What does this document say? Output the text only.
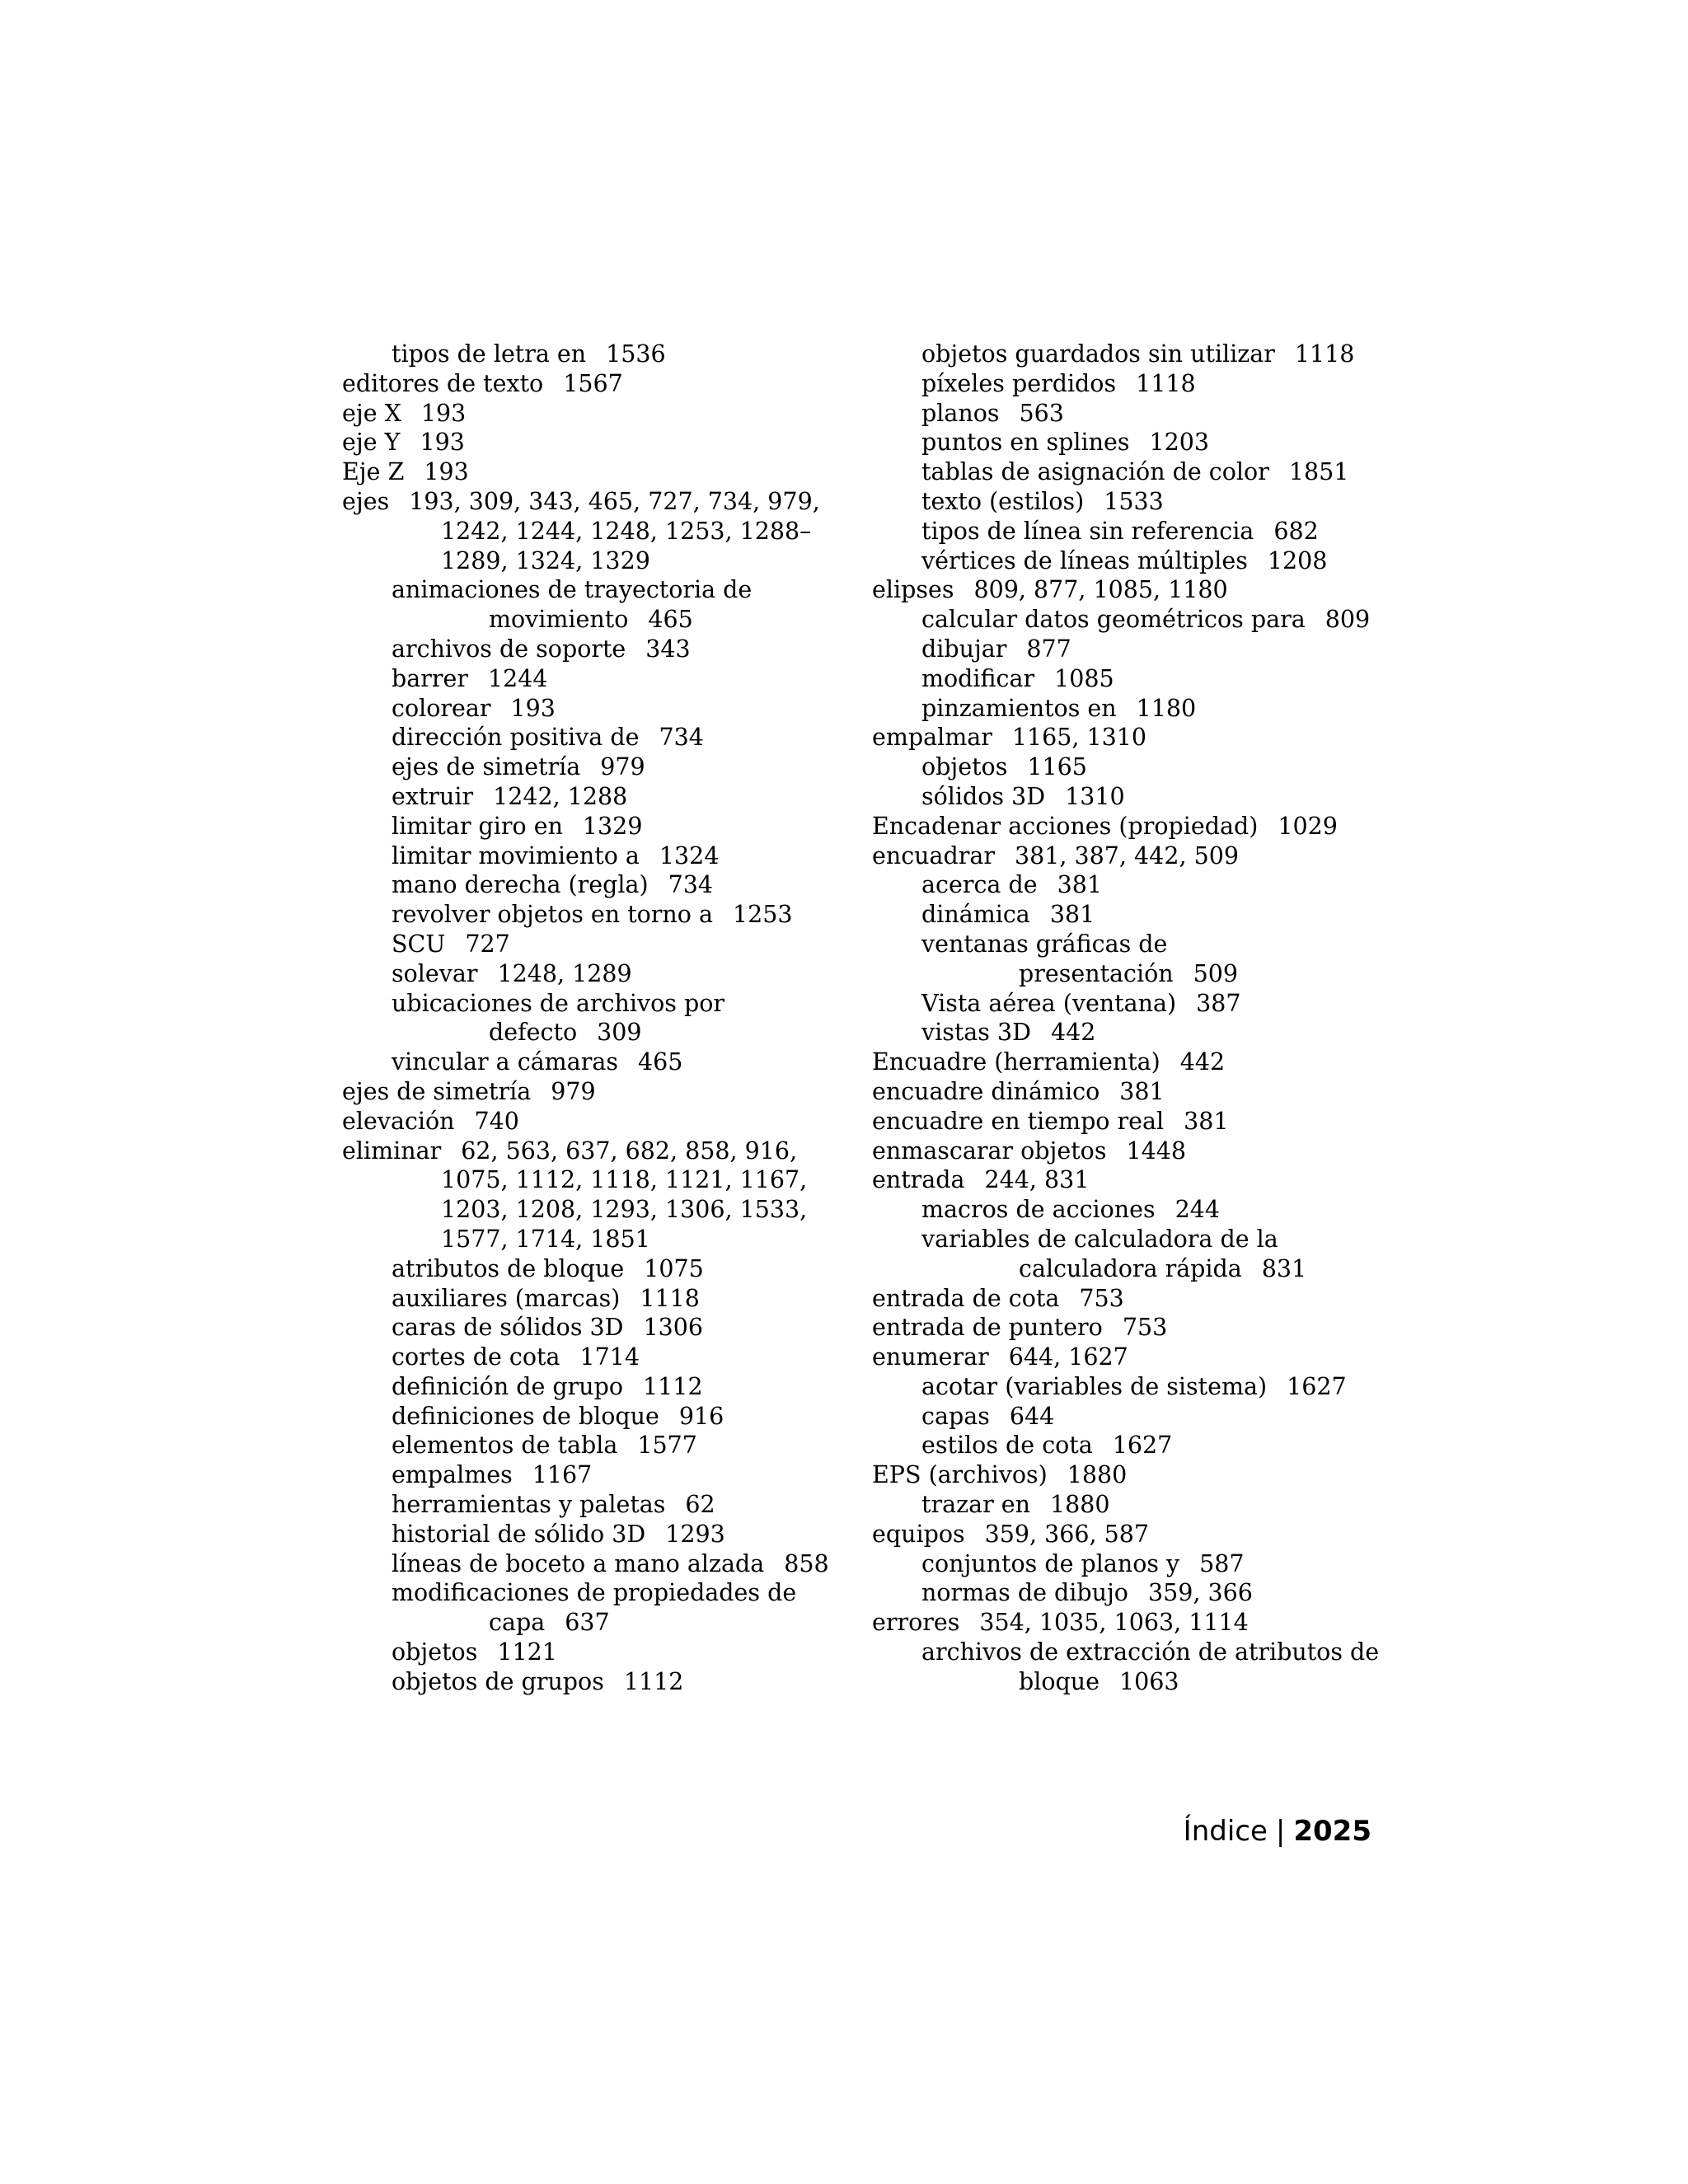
tipos de letra en 1536
editores de texto 1567
eje X 193
eje Y 193
Eje Z 193
ejes 193, 309, 343, 465, 727, 734, 979,
1242, 1244, 1248, 1253, 1288–
1289, 1324, 1329
animaciones de trayectoria de
movimiento 465
archivos de soporte 343
barrer 1244
colorear 193
dirección positiva de 734
ejes de simetría 979
extruir 1242, 1288
limitar giro en 1329
limitar movimiento a 1324
mano derecha (regla) 734
revolver objetos en torno a 1253
SCU 727
solevar 1248, 1289
ubicaciones de archivos por
defecto 309
vincular a cámaras 465
ejes de simetría 979
elevación 740
eliminar 62, 563, 637, 682, 858, 916,
1075, 1112, 1118, 1121, 1167,
1203, 1208, 1293, 1306, 1533,
1577, 1714, 1851
atributos de bloque 1075
auxiliares (marcas) 1118
caras de sólidos 3D 1306
cortes de cota 1714
definición de grupo 1112
definiciones de bloque 916
elementos de tabla 1577
empalmes 1167
herramientas y paletas 62
historial de sólido 3D 1293
líneas de boceto a mano alzada 858
modificaciones de propiedades de
capa 637
objetos 1121
objetos de grupos 1112
objetos guardados sin utilizar 1118
píxeles perdidos 1118
planos 563
puntos en splines 1203
tablas de asignación de color 1851
texto (estilos) 1533
tipos de línea sin referencia 682
vértices de líneas múltiples 1208
elipses 809, 877, 1085, 1180
calcular datos geométricos para 809
dibujar 877
modificar 1085
pinzamientos en 1180
empalmar 1165, 1310
objetos 1165
sólidos 3D 1310
Encadenar acciones (propiedad) 1029
encuadrar 381, 387, 442, 509
acerca de 381
dinámica 381
ventanas gráficas de
presentación 509
Vista aérea (ventana) 387
vistas 3D 442
Encuadre (herramienta) 442
encuadre dinámico 381
encuadre en tiempo real 381
enmascarar objetos 1448
entrada 244, 831
macros de acciones 244
variables de calculadora de la
calculadora rápida 831
entrada de cota 753
entrada de puntero 753
enumerar 644, 1627
acotar (variables de sistema) 1627
capas 644
estilos de cota 1627
EPS (archivos) 1880
trazar en 1880
equipos 359, 366, 587
conjuntos de planos y 587
normas de dibujo 359, 366
errores 354, 1035, 1063, 1114
archivos de extracción de atributos de
bloque 1063
Índice | 2025
